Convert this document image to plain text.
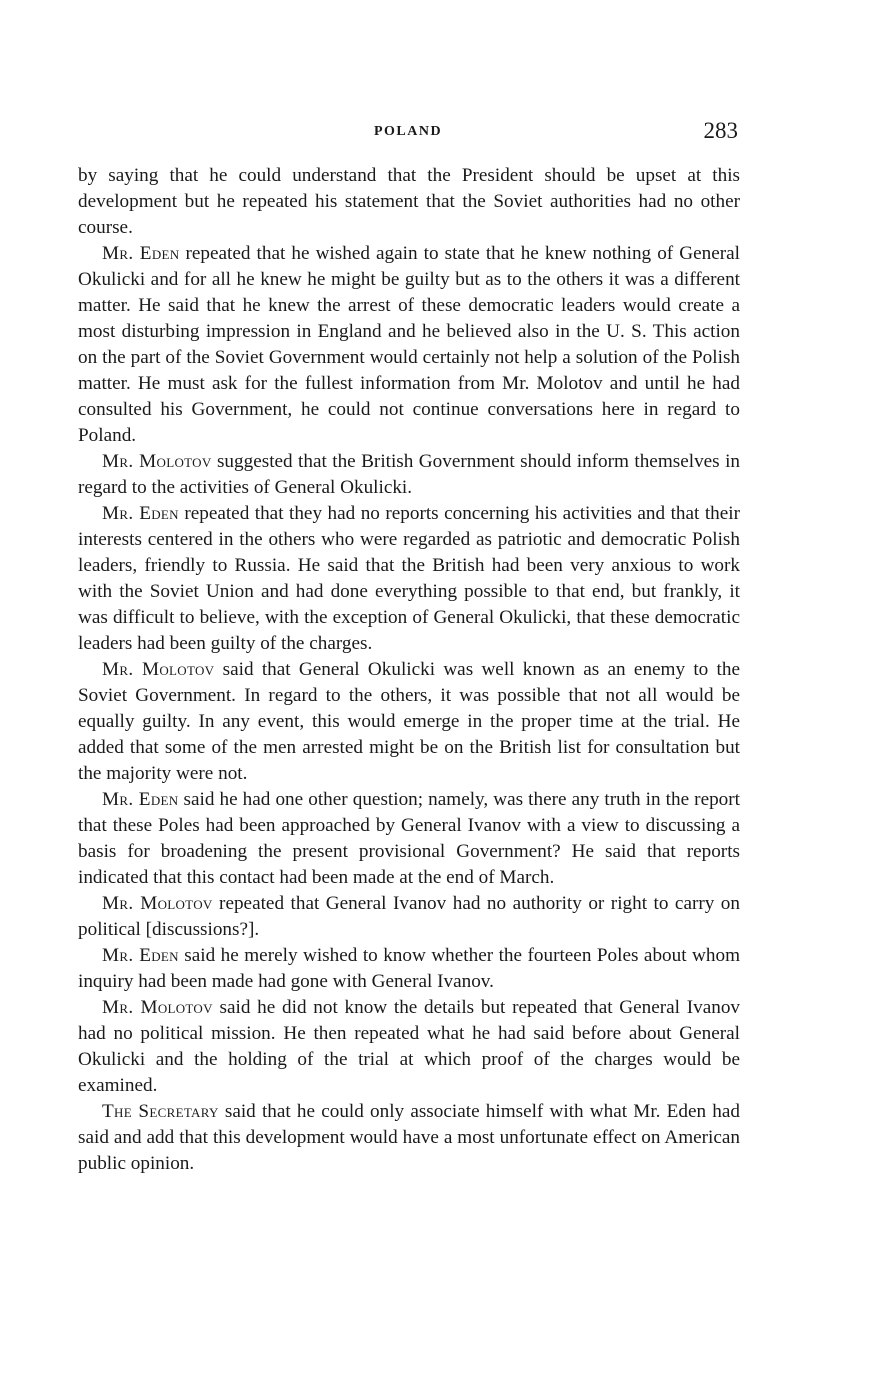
POLAND	283

by saying that he could understand that the President should be upset at this development but he repeated his statement that the Soviet authorities had no other course.

Mr. Eden repeated that he wished again to state that he knew nothing of General Okulicki and for all he knew he might be guilty but as to the others it was a different matter. He said that he knew the arrest of these democratic leaders would create a most disturbing impression in England and he believed also in the U. S. This action on the part of the Soviet Government would certainly not help a solution of the Polish matter. He must ask for the fullest information from Mr. Molotov and until he had consulted his Government, he could not continue conversations here in regard to Poland.

Mr. Molotov suggested that the British Government should inform themselves in regard to the activities of General Okulicki.

Mr. Eden repeated that they had no reports concerning his activities and that their interests centered in the others who were regarded as patriotic and democratic Polish leaders, friendly to Russia. He said that the British had been very anxious to work with the Soviet Union and had done everything possible to that end, but frankly, it was difficult to believe, with the exception of General Okulicki, that these democratic leaders had been guilty of the charges.

Mr. Molotov said that General Okulicki was well known as an enemy to the Soviet Government. In regard to the others, it was possible that not all would be equally guilty. In any event, this would emerge in the proper time at the trial. He added that some of the men arrested might be on the British list for consultation but the majority were not.

Mr. Eden said he had one other question; namely, was there any truth in the report that these Poles had been approached by General Ivanov with a view to discussing a basis for broadening the present provisional Government? He said that reports indicated that this contact had been made at the end of March.

Mr. Molotov repeated that General Ivanov had no authority or right to carry on political [discussions?].

Mr. Eden said he merely wished to know whether the fourteen Poles about whom inquiry had been made had gone with General Ivanov.

Mr. Molotov said he did not know the details but repeated that General Ivanov had no political mission. He then repeated what he had said before about General Okulicki and the holding of the trial at which proof of the charges would be examined.

The Secretary said that he could only associate himself with what Mr. Eden had said and add that this development would have a most unfortunate effect on American public opinion.
